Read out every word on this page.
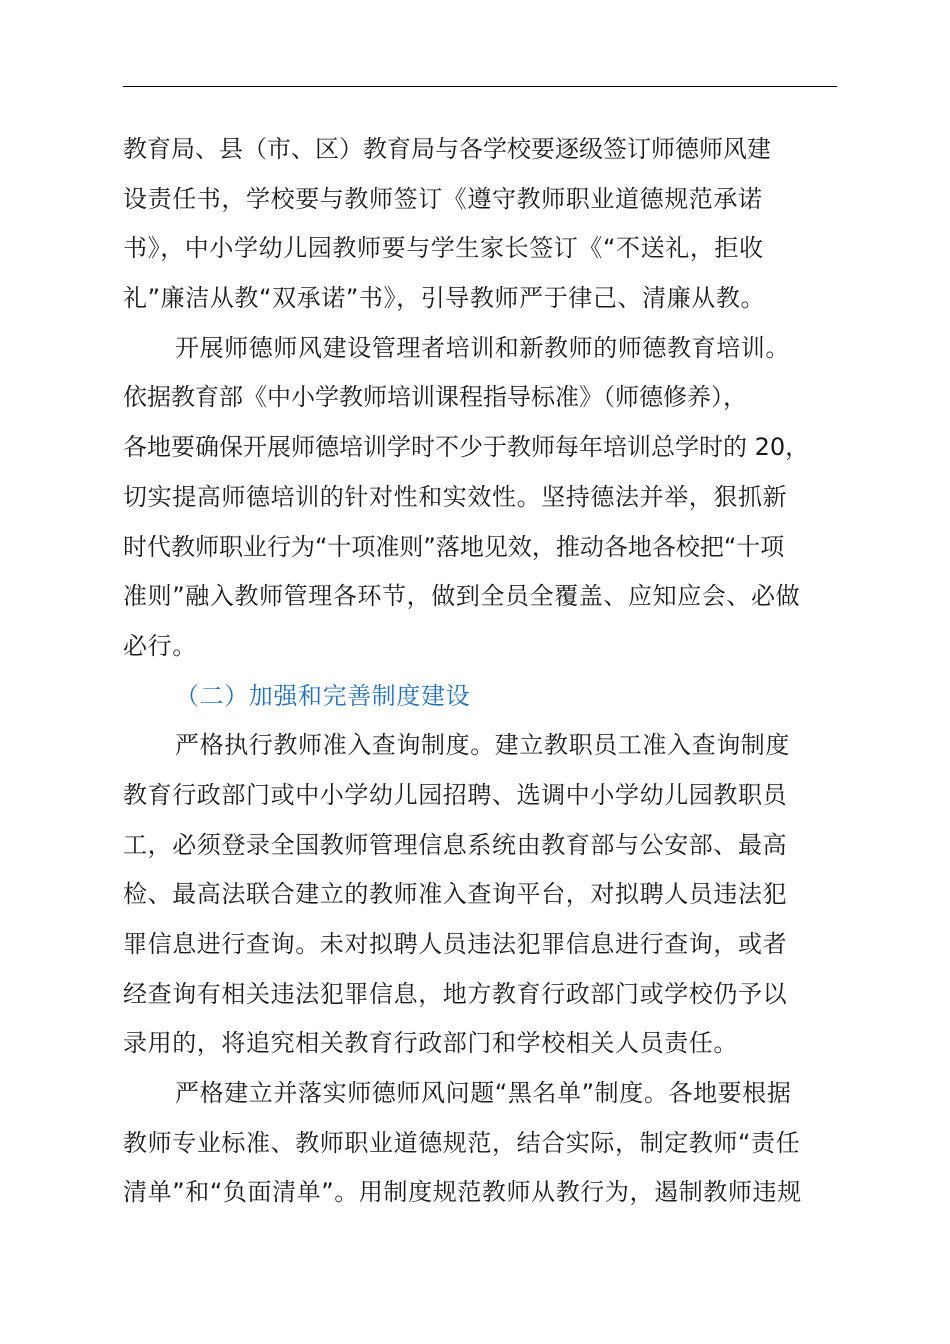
教育局、县（市、区）教育局与各学校要逐级签订师德师风建
设责任书，学校要与教师签订《遵守教师职业道德规范承诺
书》，中小学幼儿园教师要与学生家长签订《“不送礼，拒收
礼”廉洁从教“双承诺”书》，引导教师严于律己、清廉从教。
开展师德师风建设管理者培训和新教师的师德教育培训。
依据教育部《中小学教师培训课程指导标准》（师德修养），
各地要确保开展师德培训学时不少于教师每年培训总学时的 20，
切实提高师德培训的针对性和实效性。坚持德法并举，狠抓新
时代教师职业行为“十项准则”落地见效，推动各地各校把“十项
准则”融入教师管理各环节，做到全员全覆盖、应知应会、必做
必行。
（二）加强和完善制度建设
严格执行教师准入查询制度。建立教职员工准入查询制度
教育行政部门或中小学幼儿园招聘、选调中小学幼儿园教职员
工，必须登录全国教师管理信息系统由教育部与公安部、最高
检、最高法联合建立的教师准入查询平台，对拟聘人员违法犯
罪信息进行查询。未对拟聘人员违法犯罪信息进行查询，或者
经查询有相关违法犯罪信息，地方教育行政部门或学校仍予以
录用的，将追究相关教育行政部门和学校相关人员责任。
严格建立并落实师德师风问题“黑名单”制度。各地要根据
教师专业标准、教师职业道德规范，结合实际，制定教师“责任
清单”和“负面清单”。用制度规范教师从教行为，遏制教师违规
